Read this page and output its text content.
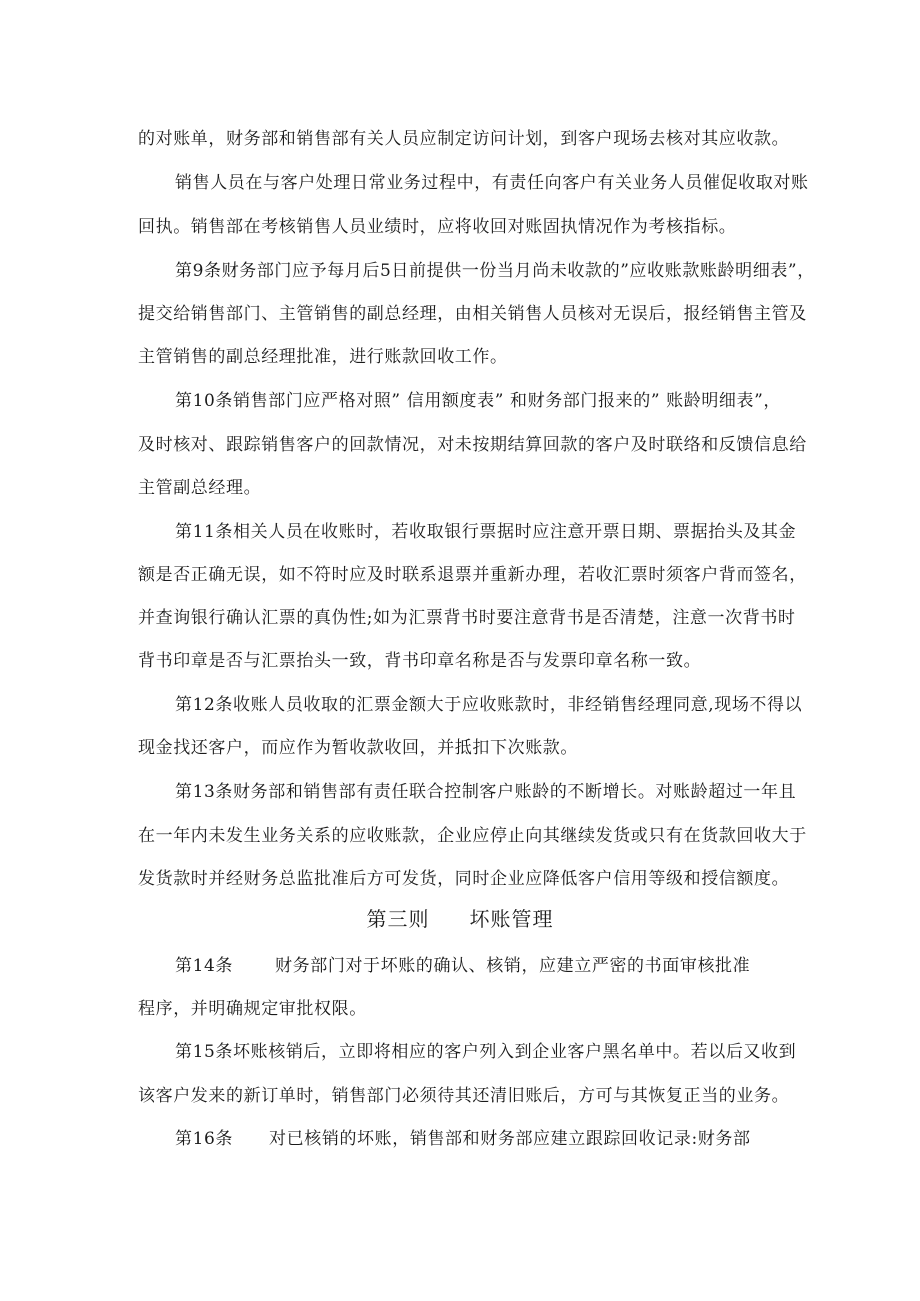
的对账单，财务部和销售部有关人员应制定访问计划，到客户现场去核对其应收款。
销售人员在与客户处理日常业务过程中，有责任向客户有关业务人员催促收取对账
回执。销售部在考核销售人员业绩时，应将收回对账固执情况作为考核指标。
第9条财务部门应予每月后5日前提供一份当月尚未收款的”应收账款账龄明细表”，
提交给销售部门、主管销售的副总经理，由相关销售人员核对无误后，报经销售主管及
主管销售的副总经理批准，进行账款回收工作。
第10条销售部门应严格对照” 信用额度表” 和财务部门报来的” 账龄明细表”，
及时核对、跟踪销售客户的回款情况，对未按期结算回款的客户及时联络和反馈信息给
主管副总经理。
第11条相关人员在收账时，若收取银行票据时应注意开票日期、票据抬头及其金
额是否正确无误，如不符时应及时联系退票并重新办理，若收汇票时须客户背而签名，
并查询银行确认汇票的真伪性;如为汇票背书时要注意背书是否清楚，注意一次背书时
背书印章是否与汇票抬头一致，背书印章名称是否与发票印章名称一致。
第12条收账人员收取的汇票金额大于应收账款时，非经销售经理同意,现场不得以
现金找还客户，而应作为暂收款收回，并抵扣下次账款。
第13条财务部和销售部有责任联合控制客户账龄的不断增长。对账龄超过一年且
在一年内未发生业务关系的应收账款，企业应停止向其继续发货或只有在货款回收大于
发货款时并经财务总监批准后方可发货，同时企业应降低客户信用等级和授信额度。
第三则 坏账管理
第14条 财务部门对于坏账的确认、核销，应建立严密的书面审核批准
程序，并明确规定审批权限。
第15条坏账核销后，立即将相应的客户列入到企业客户黑名单中。若以后又收到
该客户发来的新订单时，销售部门必须待其还清旧账后，方可与其恢复正当的业务。
第16条 对已核销的坏账，销售部和财务部应建立跟踪回收记录:财务部
